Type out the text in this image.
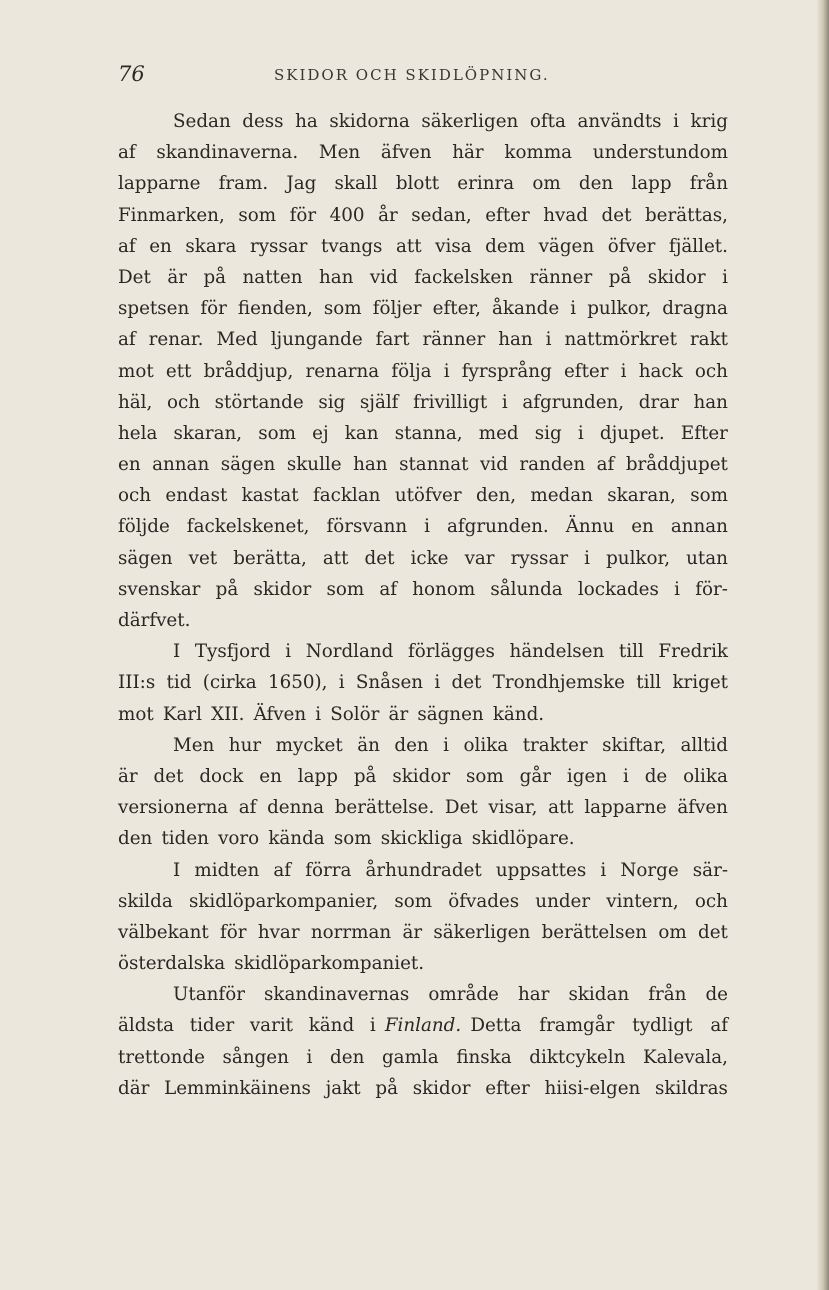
76	SKIDOR OCH SKIDLÖPNING.
Sedan dess ha skidorna säkerligen ofta användts i krig
af skandinaverna. Men äfven här komma understundom
lapparne fram. Jag skall blott erinra om den lapp från
Finmarken, som för 400 år sedan, efter hvad det berättas,
af en skara ryssar tvangs att visa dem vägen öfver fjället.
Det är på natten han vid fackelsken ränner på skidor i
spetsen för fienden, som följer efter, åkande i pulkor, dragna
af renar. Med ljungande fart ränner han i nattmörkret rakt
mot ett bråddjup, renarna följa i fyrsprång efter i hack och
häl, och störtande sig själf frivilligt i afgrunden, drar han
hela skaran, som ej kan stanna, med sig i djupet. Efter
en annan sägen skulle han stannat vid randen af bråddjupet
och endast kastat facklan utöfver den, medan skaran, som
följde fackelskenet, försvann i afgrunden. Ännu en annan
sägen vet berätta, att det icke var ryssar i pulkor, utan
svenskar på skidor som af honom sålunda lockades i för-
därfvet.
I Tysfjord i Nordland förlägges händelsen till Fredrik
III:s tid (cirka 1650), i Snåsen i det Trondhjemske till kriget
mot Karl XII. Äfven i Solör är sägnen känd.
Men hur mycket än den i olika trakter skiftar, alltid
är det dock en lapp på skidor som går igen i de olika
versionerna af denna berättelse. Det visar, att lapparne äfven
den tiden voro kända som skickliga skidlöpare.
I midten af förra århundradet uppsattes i Norge sär-
skilda skidlöparkompanier, som öfvades under vintern, och
välbekant för hvar norrman är säkerligen berättelsen om det
österdalska skidlöparkompaniet.
Utanför skandinavernas område har skidan från de
äldsta tider varit känd i Finland. Detta framgår tydligt af
trettonde sången i den gamla finska diktcykeln Kalevala,
där Lemminkäinens jakt på skidor efter hiisi-elgen skildras
